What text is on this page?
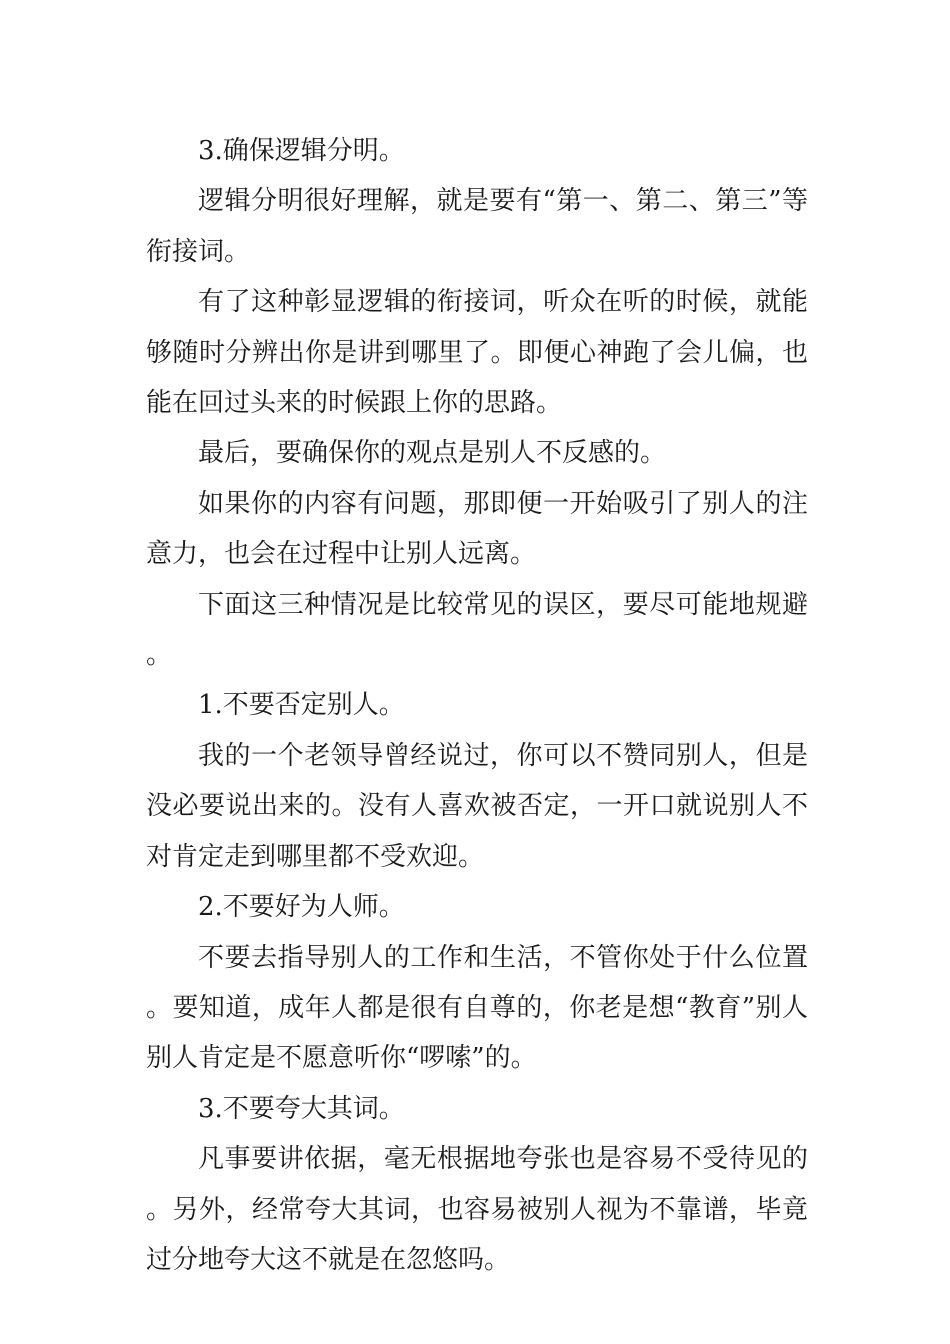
3.确保逻辑分明。

逻辑分明很好理解，就是要有“第一、第二、第三”等衔接词。

有了这种彰显逻辑的衔接词，听众在听的时候，就能够随时分辨出你是讲到哪里了。即便心神跑了会儿偏，也能在回过头来的时候跟上你的思路。

最后，要确保你的观点是别人不反感的。

如果你的内容有问题，那即便一开始吸引了别人的注意力，也会在过程中让别人远离。

下面这三种情况是比较常见的误区，要尽可能地规避。

1.不要否定别人。

我的一个老领导曾经说过，你可以不赞同别人，但是没必要说出来的。没有人喜欢被否定，一开口就说别人不对肯定走到哪里都不受欢迎。

2.不要好为人师。

不要去指导别人的工作和生活，不管你处于什么位置。要知道，成年人都是很有自尊的，你老是想“教育”别人别人肯定是不愿意听你“啰嗦”的。

3.不要夸大其词。

凡事要讲依据，毫无根据地夸张也是容易不受待见的。另外，经常夸大其词，也容易被别人视为不靠谱，毕竟过分地夸大这不就是在忽悠吗。
